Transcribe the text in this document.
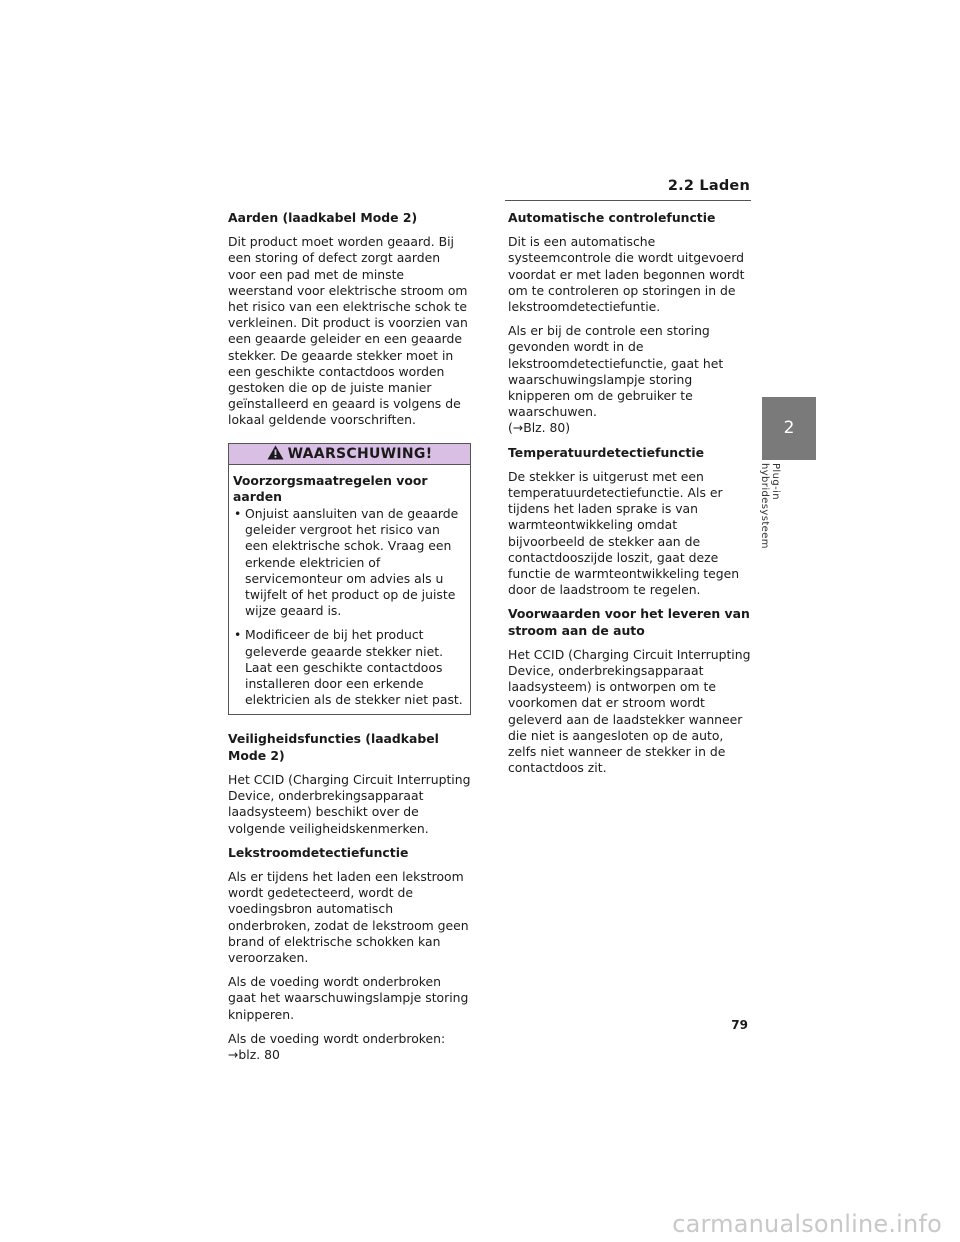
2.2 Laden
Aarden (laadkabel Mode 2)

Dit product moet worden geaard. Bij een storing of defect zorgt aarden voor een pad met de minste weerstand voor elektrische stroom om het risico van een elektrische schok te verkleinen. Dit product is voorzien van een geaarde geleider en een geaarde stekker. De geaarde stekker moet in een geschikte contactdoos worden gestoken die op de juiste manier geïnstalleerd en geaard is volgens de lokaal geldende voorschriften.

WAARSCHUWING!
Voorzorgsmaatregelen voor aarden
• Onjuist aansluiten van de geaarde geleider vergroot het risico van een elektrische schok. Vraag een erkende elektricien of servicemonteur om advies als u twijfelt of het product op de juiste wijze geaard is.
• Modificeer de bij het product geleverde geaarde stekker niet. Laat een geschikte contactdoos installeren door een erkende elektricien als de stekker niet past.
Veiligheidsfuncties (laadkabel Mode 2)

Het CCID (Charging Circuit Interrupting Device, onderbrekingsapparaat laadsysteem) beschikt over de volgende veiligheidskenmerken.

Lekstroomdetectiefunctie

Als er tijdens het laden een lekstroom wordt gedetecteerd, wordt de voedingsbron automatisch onderbroken, zodat de lekstroom geen brand of elektrische schokken kan veroorzaken.

Als de voeding wordt onderbroken gaat het waarschuwingslampje storing knipperen.

Als de voeding wordt onderbroken:
→blz. 80

Automatische controlefunctie

Dit is een automatische systeemcontrole die wordt uitgevoerd voordat er met laden begonnen wordt om te controleren op storingen in de lekstroomdetectiefuntie.

Als er bij de controle een storing gevonden wordt in de lekstroomdetectiefunctie, gaat het waarschuwingslampje storing knipperen om de gebruiker te waarschuwen.
(→Blz. 80)

Temperatuurdetectiefunctie

De stekker is uitgerust met een temperatuurdetectiefunctie. Als er tijdens het laden sprake is van warmteontwikkeling omdat bijvoorbeeld de stekker aan de contactdooszijde loszit, gaat deze functie de warmteontwikkeling tegen door de laadstroom te regelen.

Voorwaarden voor het leveren van stroom aan de auto

Het CCID (Charging Circuit Interrupting Device, onderbrekingsapparaat laadsysteem) is ontworpen om te voorkomen dat er stroom wordt geleverd aan de laadstekker wanneer die niet is aangesloten op de auto, zelfs niet wanneer de stekker in de contactdoos zit.

2
Plug-in hybridesysteem
79
carmanualsonline.info
